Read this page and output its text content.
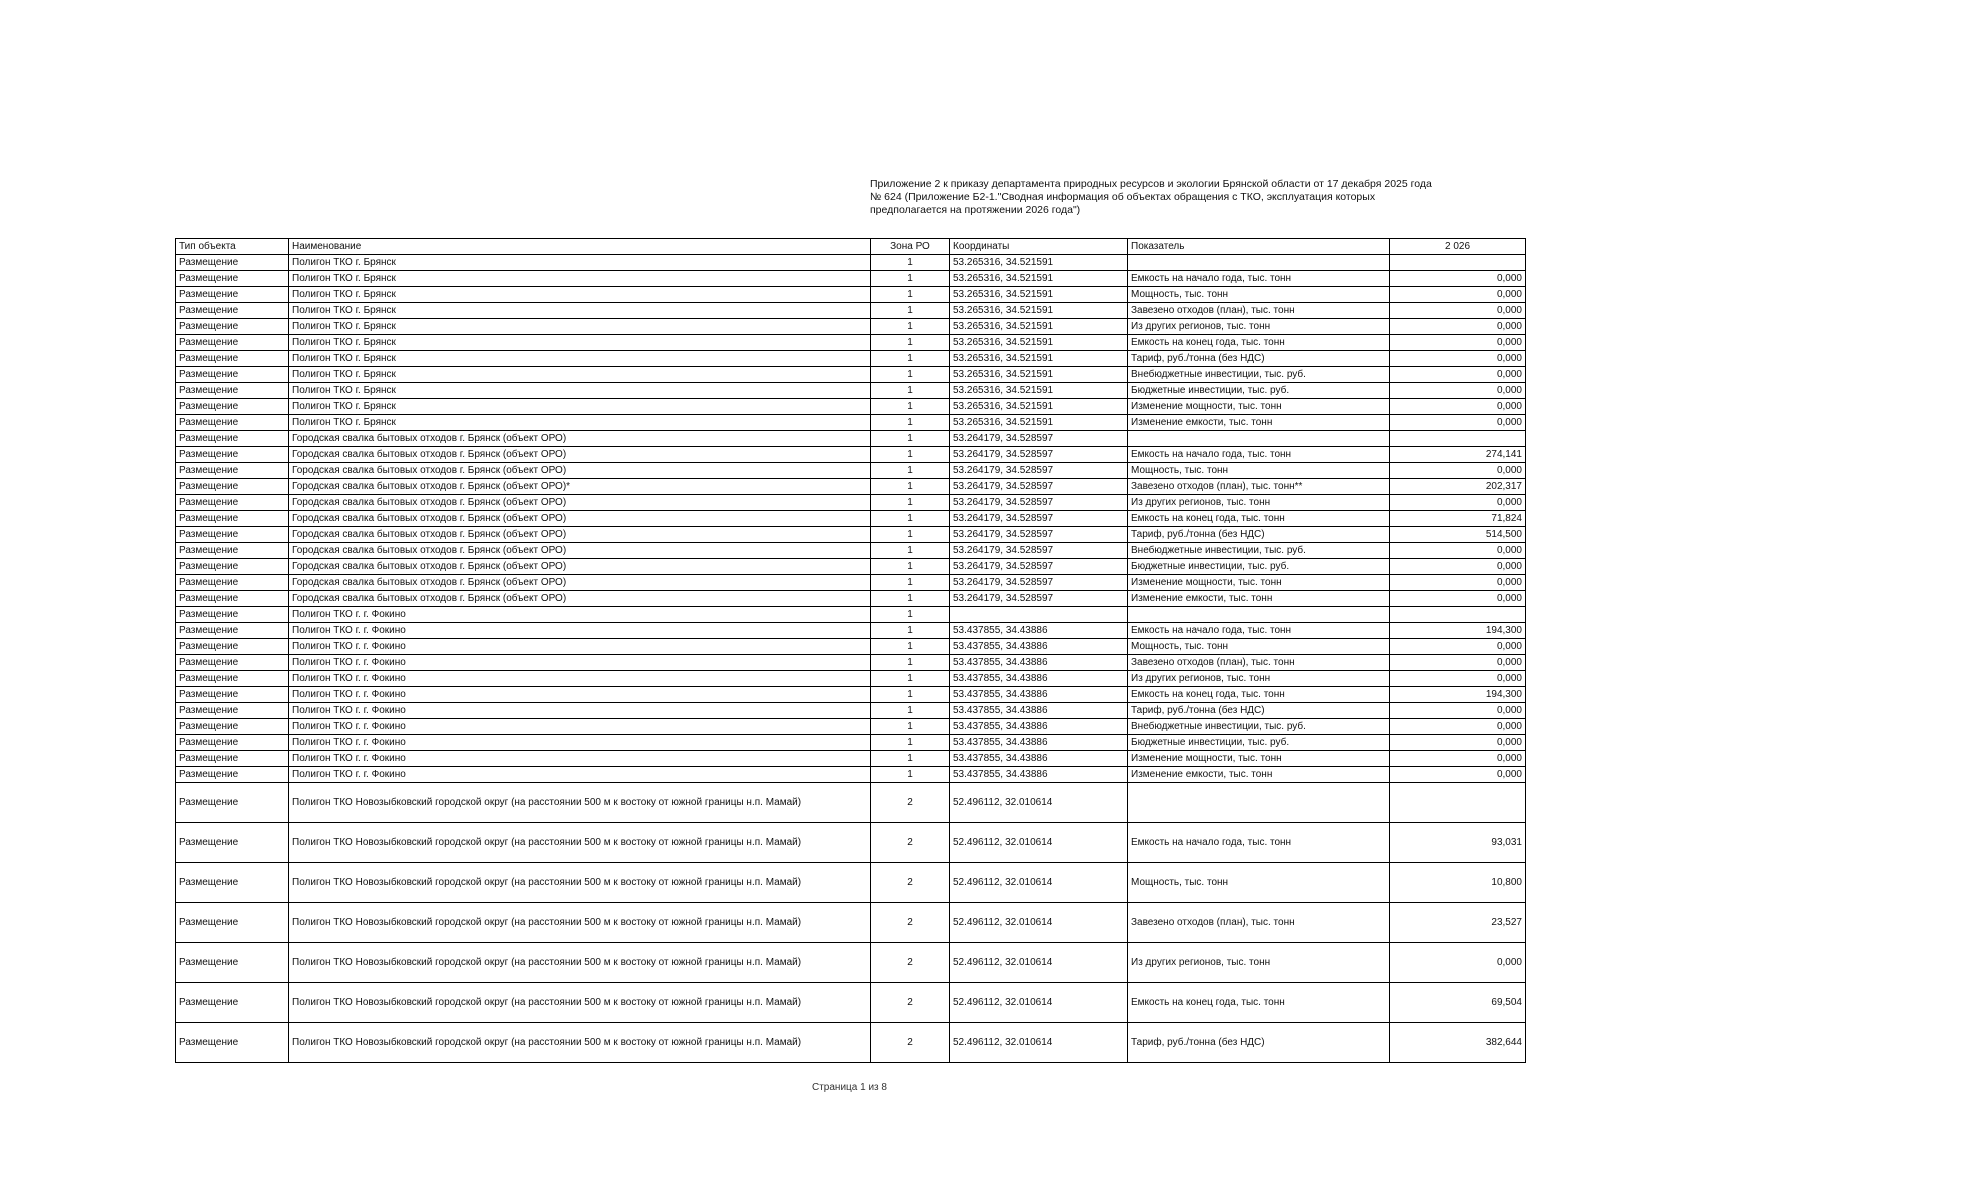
Приложение 2 к приказу департамента природных ресурсов и экологии Брянской области от 17 декабря 2025 года
№ 624 (Приложение Б2-1."Сводная информация об объектах обращения с ТКО, эксплуатация которых
предполагается на протяжении 2026 года")
Тип объекта	Наименование	Зона РО	Координаты	Показатель	2 026
Размещение	Полигон ТКО г. Брянск	1	53.265316, 34.521591		
Размещение	Полигон ТКО г. Брянск	1	53.265316, 34.521591	Емкость на начало года, тыс. тонн	0,000
Размещение	Полигон ТКО г. Брянск	1	53.265316, 34.521591	Мощность, тыс. тонн	0,000
Размещение	Полигон ТКО г. Брянск	1	53.265316, 34.521591	Завезено отходов (план), тыс. тонн	0,000
Размещение	Полигон ТКО г. Брянск	1	53.265316, 34.521591	Из других регионов, тыс. тонн	0,000
Размещение	Полигон ТКО г. Брянск	1	53.265316, 34.521591	Емкость на конец года, тыс. тонн	0,000
Размещение	Полигон ТКО г. Брянск	1	53.265316, 34.521591	Тариф, руб./тонна (без НДС)	0,000
Размещение	Полигон ТКО г. Брянск	1	53.265316, 34.521591	Внебюджетные инвестиции, тыс. руб.	0,000
Размещение	Полигон ТКО г. Брянск	1	53.265316, 34.521591	Бюджетные инвестиции, тыс. руб.	0,000
Размещение	Полигон ТКО г. Брянск	1	53.265316, 34.521591	Изменение мощности, тыс. тонн	0,000
Размещение	Полигон ТКО г. Брянск	1	53.265316, 34.521591	Изменение емкости, тыс. тонн	0,000
Размещение	Городская свалка бытовых отходов г. Брянск (объект ОРО)	1	53.264179, 34.528597		
Размещение	Городская свалка бытовых отходов г. Брянск (объект ОРО)	1	53.264179, 34.528597	Емкость на начало года, тыс. тонн	274,141
Размещение	Городская свалка бытовых отходов г. Брянск (объект ОРО)	1	53.264179, 34.528597	Мощность, тыс. тонн	0,000
Размещение	Городская свалка бытовых отходов г. Брянск (объект ОРО)*	1	53.264179, 34.528597	Завезено отходов (план), тыс. тонн**	202,317
Размещение	Городская свалка бытовых отходов г. Брянск (объект ОРО)	1	53.264179, 34.528597	Из других регионов, тыс. тонн	0,000
Размещение	Городская свалка бытовых отходов г. Брянск (объект ОРО)	1	53.264179, 34.528597	Емкость на конец года, тыс. тонн	71,824
Размещение	Городская свалка бытовых отходов г. Брянск (объект ОРО)	1	53.264179, 34.528597	Тариф, руб./тонна (без НДС)	514,500
Размещение	Городская свалка бытовых отходов г. Брянск (объект ОРО)	1	53.264179, 34.528597	Внебюджетные инвестиции, тыс. руб.	0,000
Размещение	Городская свалка бытовых отходов г. Брянск (объект ОРО)	1	53.264179, 34.528597	Бюджетные инвестиции, тыс. руб.	0,000
Размещение	Городская свалка бытовых отходов г. Брянск (объект ОРО)	1	53.264179, 34.528597	Изменение мощности, тыс. тонн	0,000
Размещение	Городская свалка бытовых отходов г. Брянск (объект ОРО)	1	53.264179, 34.528597	Изменение емкости, тыс. тонн	0,000
Размещение	Полигон ТКО г. г. Фокино	1			
Размещение	Полигон ТКО г. г. Фокино	1	53.437855, 34.43886	Емкость на начало года, тыс. тонн	194,300
Размещение	Полигон ТКО г. г. Фокино	1	53.437855, 34.43886	Мощность, тыс. тонн	0,000
Размещение	Полигон ТКО г. г. Фокино	1	53.437855, 34.43886	Завезено отходов (план), тыс. тонн	0,000
Размещение	Полигон ТКО г. г. Фокино	1	53.437855, 34.43886	Из других регионов, тыс. тонн	0,000
Размещение	Полигон ТКО г. г. Фокино	1	53.437855, 34.43886	Емкость на конец года, тыс. тонн	194,300
Размещение	Полигон ТКО г. г. Фокино	1	53.437855, 34.43886	Тариф, руб./тонна (без НДС)	0,000
Размещение	Полигон ТКО г. г. Фокино	1	53.437855, 34.43886	Внебюджетные инвестиции, тыс. руб.	0,000
Размещение	Полигон ТКО г. г. Фокино	1	53.437855, 34.43886	Бюджетные инвестиции, тыс. руб.	0,000
Размещение	Полигон ТКО г. г. Фокино	1	53.437855, 34.43886	Изменение мощности, тыс. тонн	0,000
Размещение	Полигон ТКО г. г. Фокино	1	53.437855, 34.43886	Изменение емкости, тыс. тонн	0,000
Размещение	Полигон ТКО Новозыбковский городской округ (на расстоянии 500 м к востоку от южной границы н.п. Мамай)	2	52.496112, 32.010614		
Размещение	Полигон ТКО Новозыбковский городской округ (на расстоянии 500 м к востоку от южной границы н.п. Мамай)	2	52.496112, 32.010614	Емкость на начало года, тыс. тонн	93,031
Размещение	Полигон ТКО Новозыбковский городской округ (на расстоянии 500 м к востоку от южной границы н.п. Мамай)	2	52.496112, 32.010614	Мощность, тыс. тонн	10,800
Размещение	Полигон ТКО Новозыбковский городской округ (на расстоянии 500 м к востоку от южной границы н.п. Мамай)	2	52.496112, 32.010614	Завезено отходов (план), тыс. тонн	23,527
Размещение	Полигон ТКО Новозыбковский городской округ (на расстоянии 500 м к востоку от южной границы н.п. Мамай)	2	52.496112, 32.010614	Из других регионов, тыс. тонн	0,000
Размещение	Полигон ТКО Новозыбковский городской округ (на расстоянии 500 м к востоку от южной границы н.п. Мамай)	2	52.496112, 32.010614	Емкость на конец года, тыс. тонн	69,504
Размещение	Полигон ТКО Новозыбковский городской округ (на расстоянии 500 м к востоку от южной границы н.п. Мамай)	2	52.496112, 32.010614	Тариф, руб./тонна (без НДС)	382,644
Страница 1 из 8
